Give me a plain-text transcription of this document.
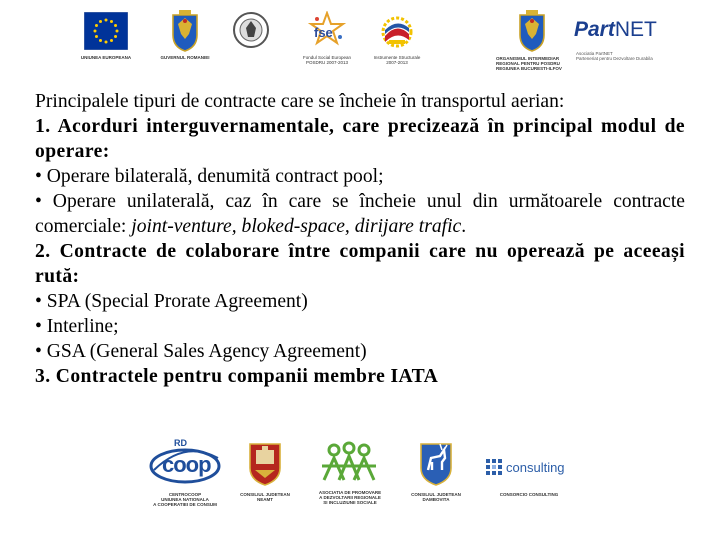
UNIUNEA EUROPEANA	GUVERNUL ROMANIEI
fse
Fondul Social European
POSDRU 2007-2013
Instrumente Structurale
2007-2013
ORGANISMUL INTERMEDIAR
REGIONAL PENTRU POSDRU
REGIUNEA BUCURESTI-ILFOV
PartNET
Asociatia PartNET
Parteneriat pentru Dezvoltare Durabila

Principalele tipuri de contracte care se încheie în transportul aerian:

1. Acorduri interguvernamentale, care precizează în principal modul de operare:

• Operare bilaterală, denumită contract pool;

• Operare unilaterală, caz în care se încheie unul din următoarele contracte comerciale: joint-venture, bloked-space, dirijare trafic.

2. Contracte de colaborare între companii care nu operează pe aceeași rută:

• SPA (Special Prorate Agreement)

• Interline;

• GSA (General Sales Agency Agreement)

3. Contractele pentru companii membre IATA

RD
coop
CENTROCOOP
UNIUNEA NATIONALA
A COOPERATIEI DE CONSUM
CONSILIUL JUDETEAN
NEAMT
ASOCIATIA DE PROMOVARE
A DEZVOLTARII REGIONALE
SI INCLUZIUNII SOCIALE
CONSILIUL JUDETEAN
DAMBOVITA
consulting
CONSORCIO CONSULTING
